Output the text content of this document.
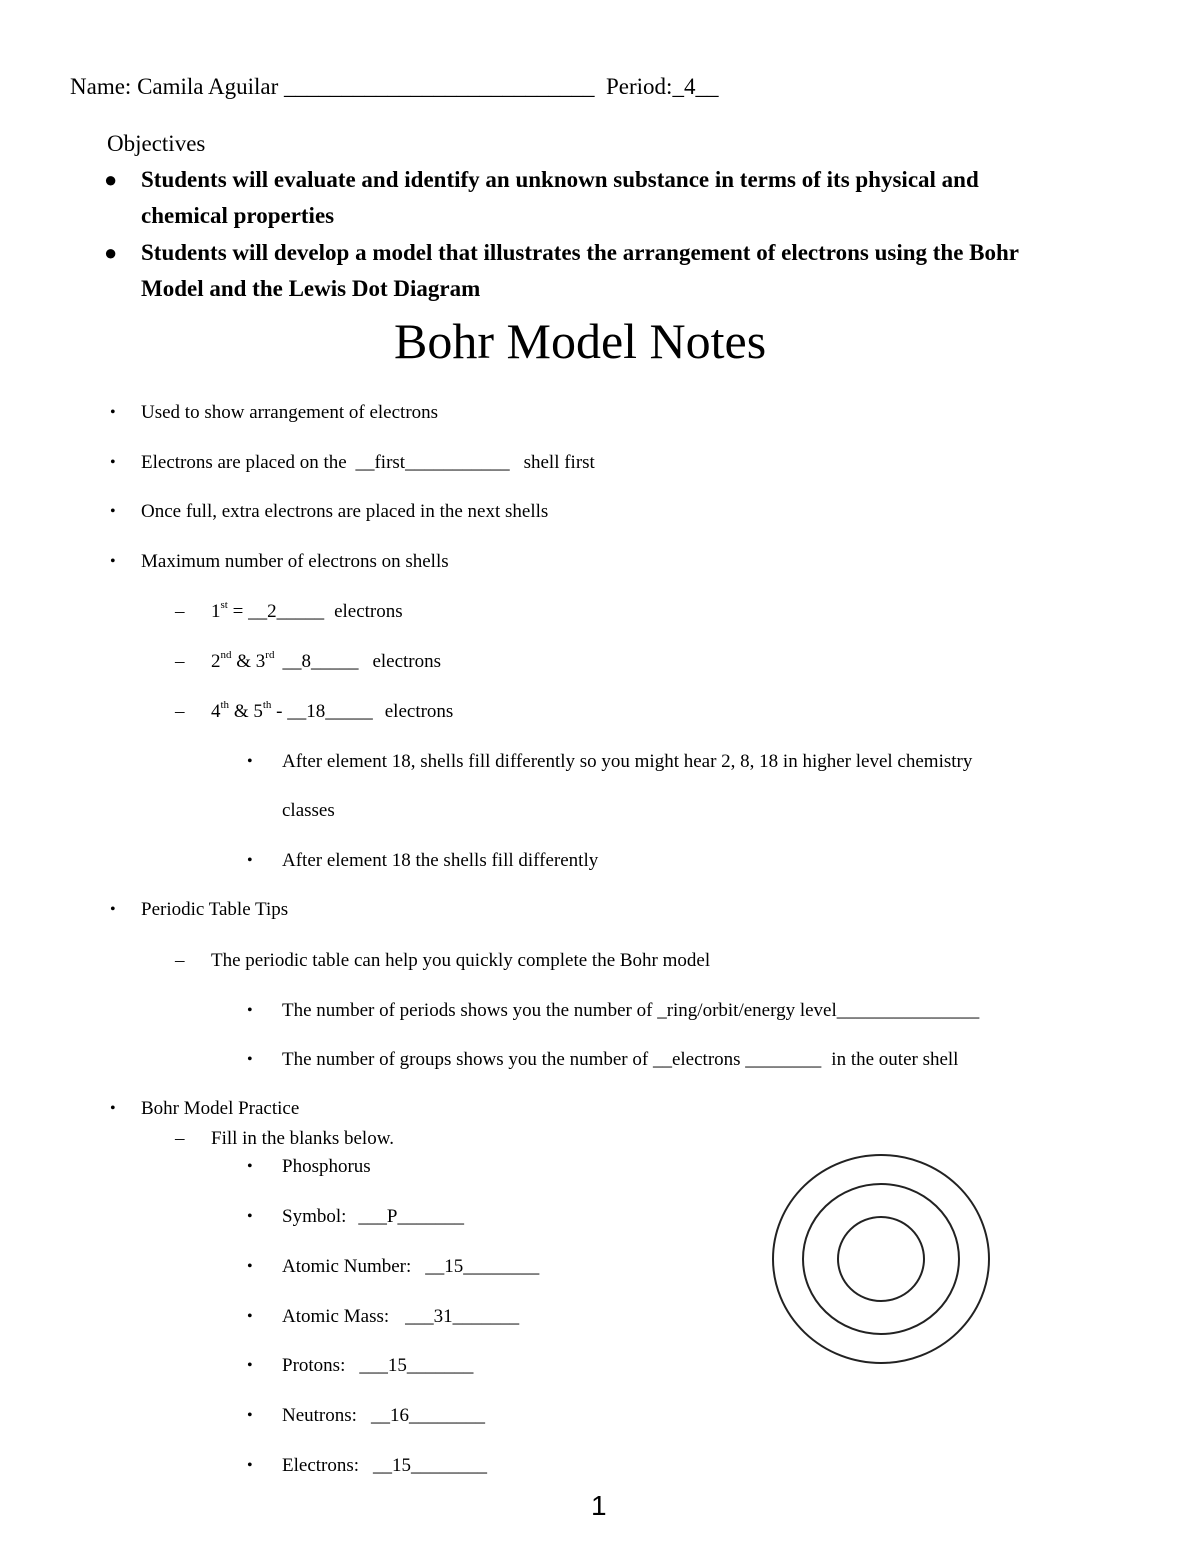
Name: Camila Aguilar ___________________________ Period:_4__
Objectives
● Students will evaluate and identify an unknown substance in terms of its physical and
chemical properties
● Students will develop a model that illustrates the arrangement of electrons using the Bohr
Model and the Lewis Dot Diagram
Bohr Model Notes
• Used to show arrangement of electrons
• Electrons are placed on the __first___________ shell first
• Once full, extra electrons are placed in the next shells
• Maximum number of electrons on shells
– 1st = __2_____ electrons
– 2nd & 3rd __8_____ electrons
– 4th & 5th - __18_____ electrons
• After element 18, shells fill differently so you might hear 2, 8, 18 in higher level chemistry
classes
• After element 18 the shells fill differently
• Periodic Table Tips
– The periodic table can help you quickly complete the Bohr model
• The number of periods shows you the number of _ring/orbit/energy level_______________
• The number of groups shows you the number of __electrons ________ in the outer shell
• Bohr Model Practice
– Fill in the blanks below.
• Phosphorus
• Symbol: ___P_______
• Atomic Number: __15________
• Atomic Mass: ___31_______
• Protons: ___15_______
• Neutrons: __16________
• Electrons: __15________
1
